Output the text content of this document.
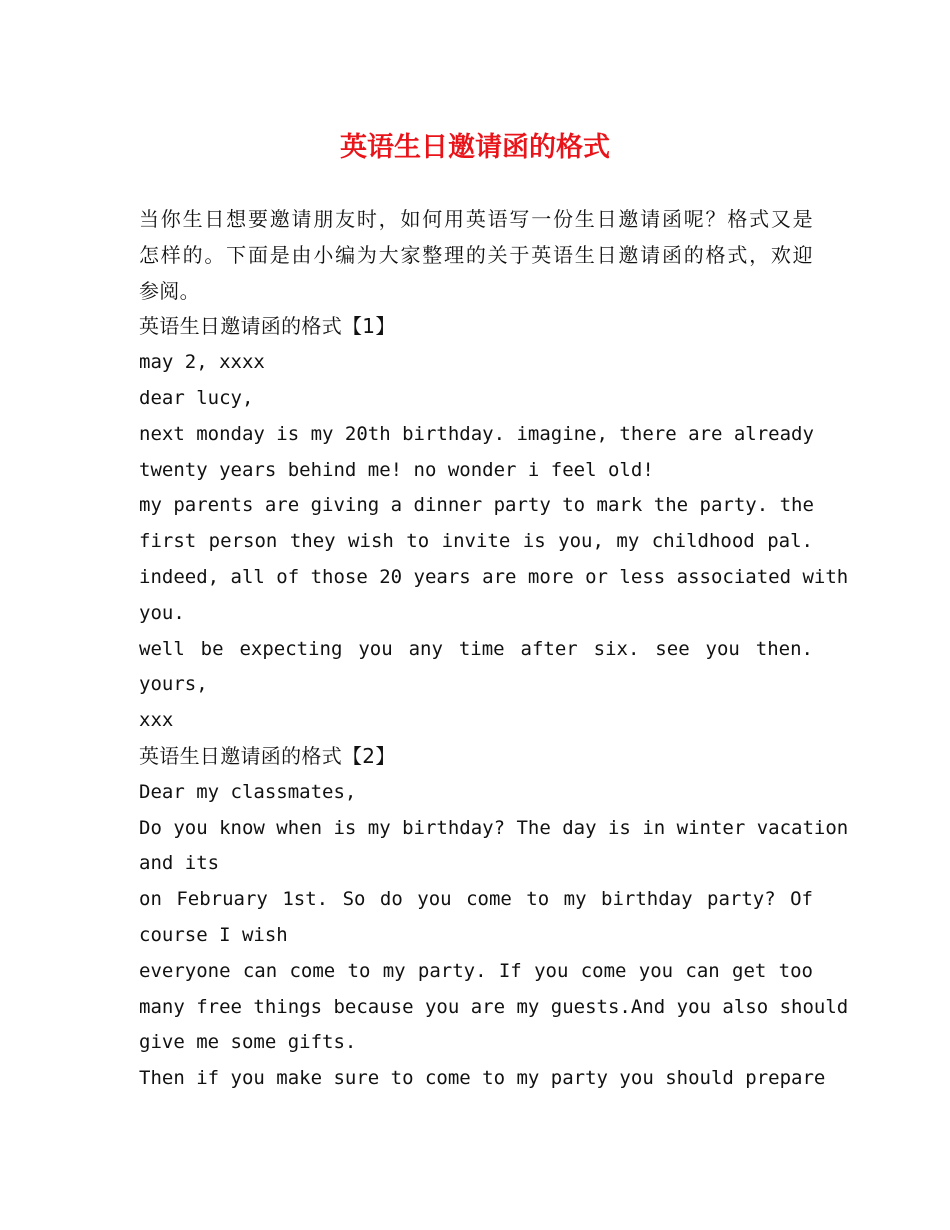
英语生日邀请函的格式
当你生日想要邀请朋友时，如何用英语写一份生日邀请函呢？格式又是
怎样的。下面是由小编为大家整理的关于英语生日邀请函的格式，欢迎
参阅。
英语生日邀请函的格式【1】
may 2, xxxx
dear lucy,
next monday is my 20th birthday. imagine, there are already
twenty years behind me! no wonder i feel old!
my parents are giving a dinner party to mark the party. the
first person they wish to invite is you, my childhood pal.
indeed, all of those 20 years are more or less associated with
you.
well be expecting you any time after six. see you then.
yours,
xxx
英语生日邀请函的格式【2】
Dear my classmates,
Do you know when is my birthday? The day is in winter vacation
and its
on February 1st. So do you come to my birthday party? Of
course I wish
everyone can come to my party. If you come you can get too
many free things because you are my guests.And you also should
give me some gifts.
Then if you make sure to come to my party you should prepare
